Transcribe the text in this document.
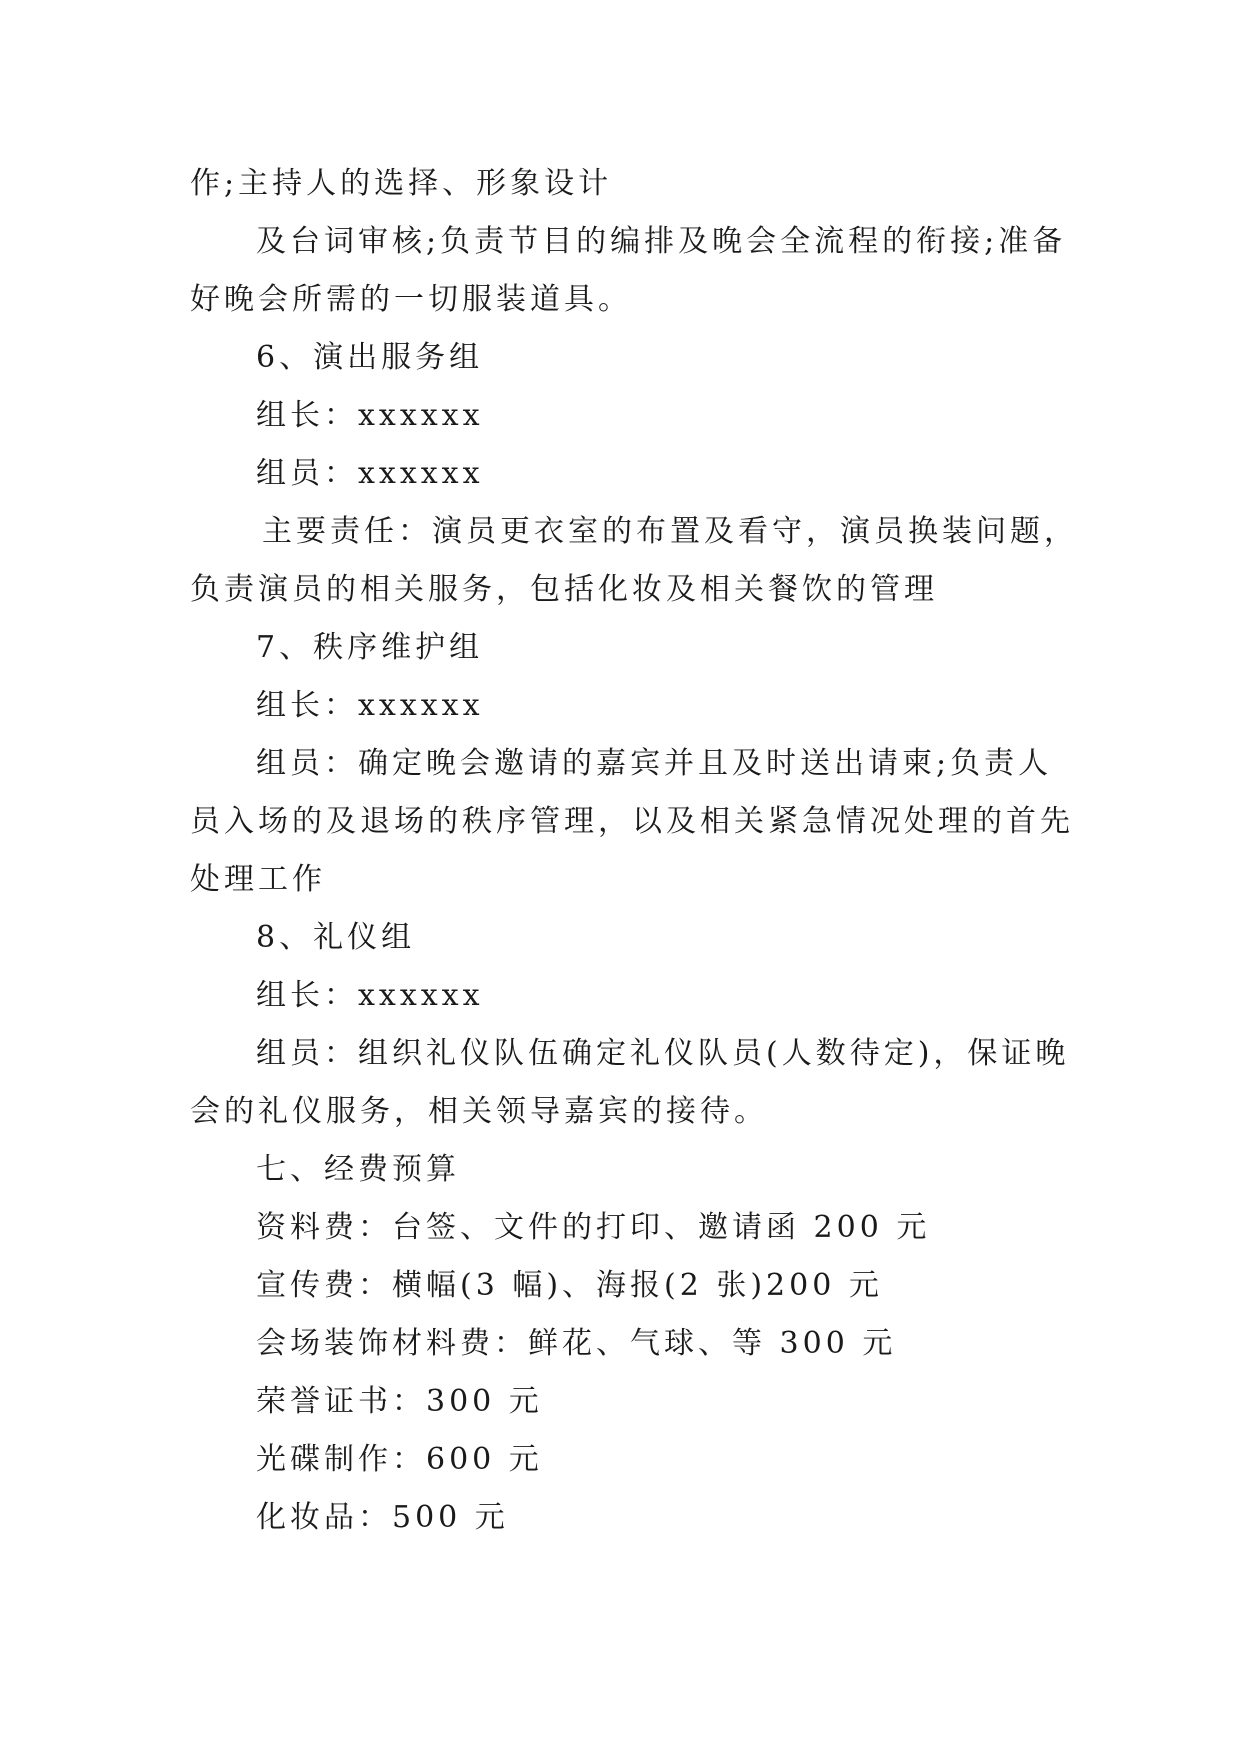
作;主持人的选择、形象设计
及台词审核;负责节目的编排及晚会全流程的衔接;准备
好晚会所需的一切服装道具。
6、演出服务组
组长：xxxxxx
组员：xxxxxx
主要责任：演员更衣室的布置及看守，演员换装问题，
负责演员的相关服务，包括化妆及相关餐饮的管理
7、秩序维护组
组长：xxxxxx
组员：确定晚会邀请的嘉宾并且及时送出请柬;负责人
员入场的及退场的秩序管理，以及相关紧急情况处理的首先
处理工作
8、礼仪组
组长：xxxxxx
组员：组织礼仪队伍确定礼仪队员(人数待定)，保证晚
会的礼仪服务，相关领导嘉宾的接待。
七、经费预算
资料费：台签、文件的打印、邀请函 200 元
宣传费：横幅(3 幅)、海报(2 张)200 元
会场装饰材料费：鲜花、气球、等 300 元
荣誉证书：300 元
光碟制作：600 元
化妆品：500 元
